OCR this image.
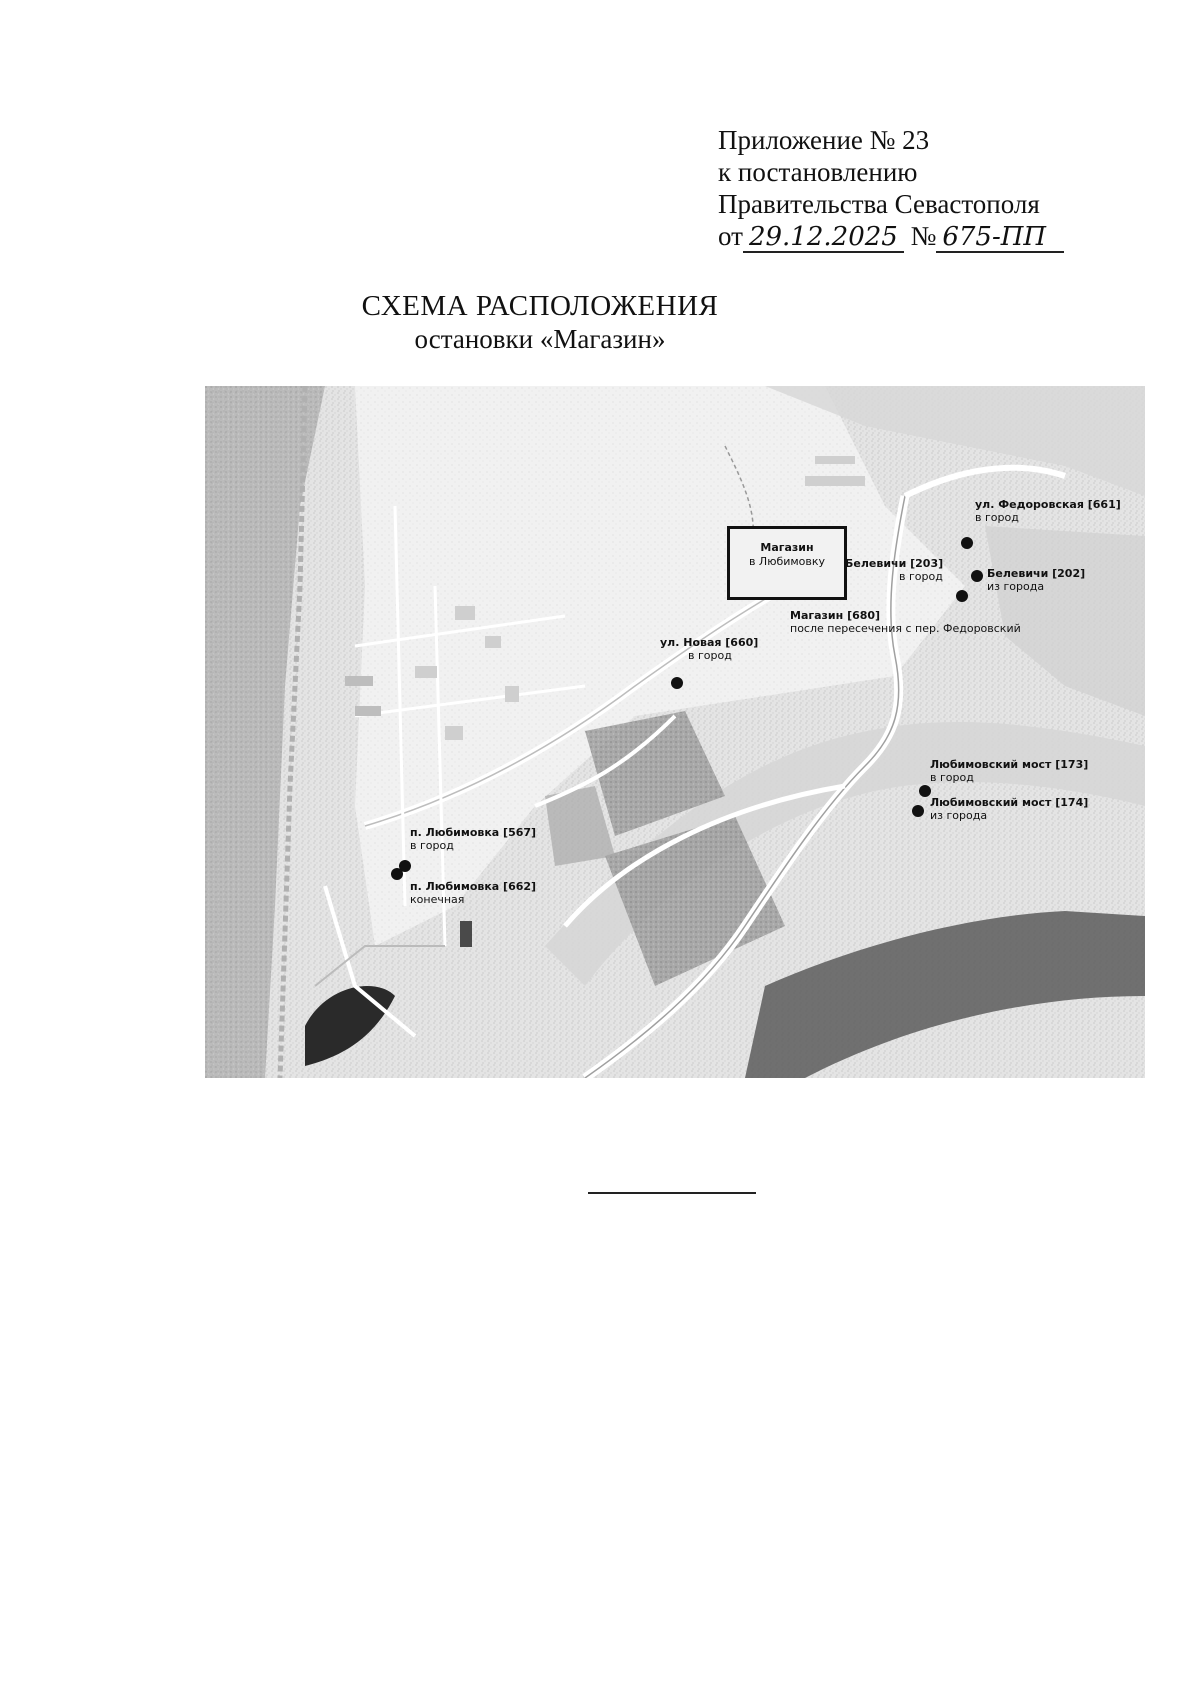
Приложение № 23
к постановлению
Правительства Севастополя
от 29.12.2025 № 675-ПП
СХЕМА РАСПОЛОЖЕНИЯ
остановки «Магазин»
Магазин
в Любимовку
ул. Федоровская [661]
в город
Белевичи [203]
в город	Белевичи [202]
из города
Магазин [680]
после пересечения с пер. Федоровский
ул. Новая [660]
в город
Любимовский мост [173]
в город
Любимовский мост [174]
из города
п. Любимовка [567]
в город
п. Любимовка [662]
конечная
